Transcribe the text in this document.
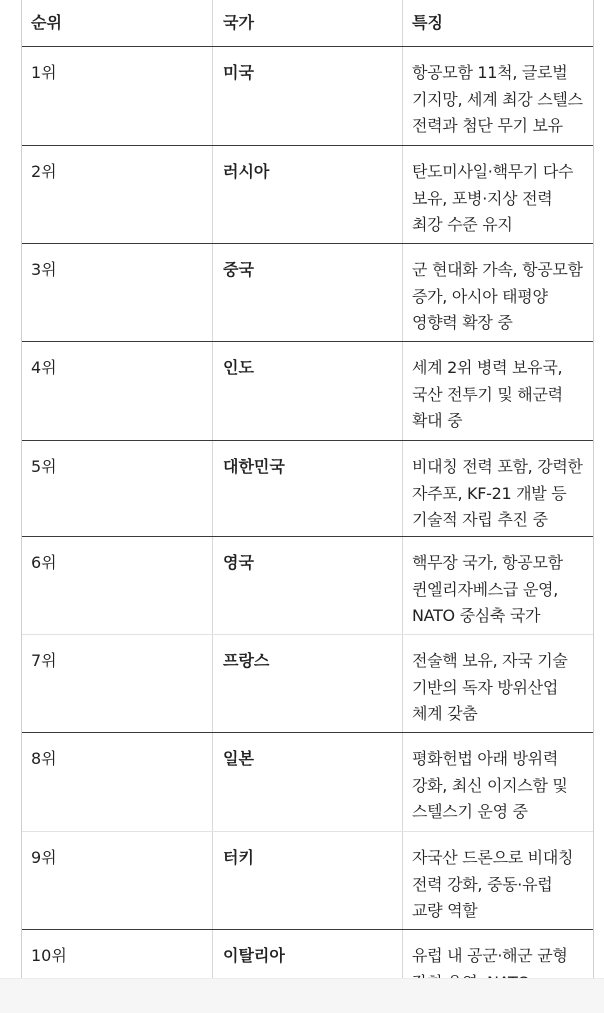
순위	국가	특징
1위	미국	항공모함 11척, 글로벌
기지망, 세계 최강 스텔스
전력과 첨단 무기 보유
2위	러시아	탄도미사일·핵무기 다수
보유, 포병·지상 전력
최강 수준 유지
3위	중국	군 현대화 가속, 항공모함
증가, 아시아 태평양
영향력 확장 중
4위	인도	세계 2위 병력 보유국,
국산 전투기 및 해군력
확대 중
5위	대한민국	비대칭 전력 포함, 강력한
자주포, KF-21 개발 등
기술적 자립 추진 중
6위	영국	핵무장 국가, 항공모함
퀸엘리자베스급 운영,
NATO 중심축 국가
7위	프랑스	전술핵 보유, 자국 기술
기반의 독자 방위산업
체계 갖춤
8위	일본	평화헌법 아래 방위력
강화, 최신 이지스함 및
스텔스기 운영 중
9위	터키	자국산 드론으로 비대칭
전력 강화, 중동·유럽
교량 역할
10위	이탈리아	유럽 내 공군·해군 균형
